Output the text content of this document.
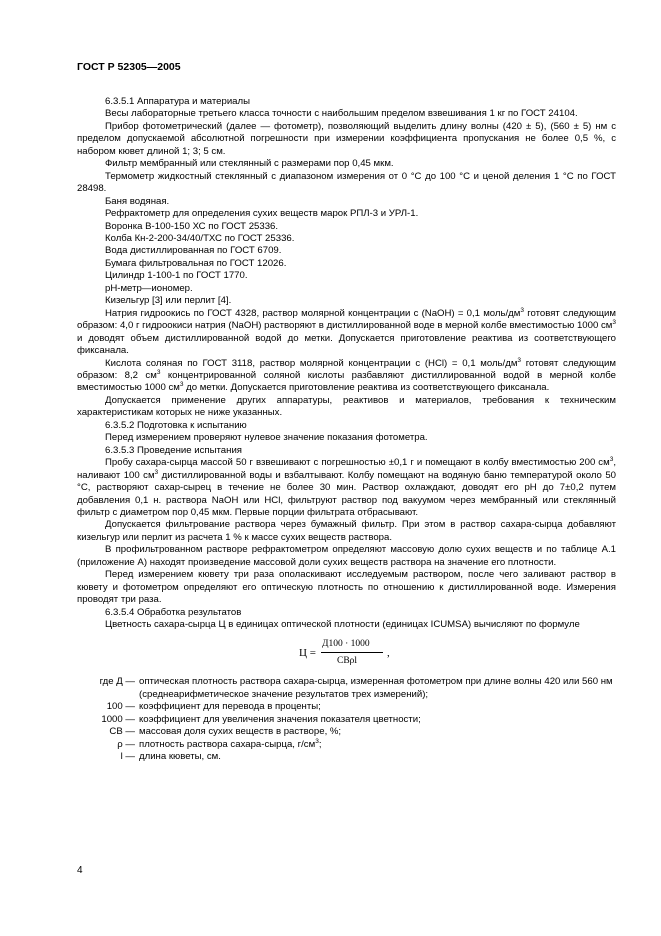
ГОСТ Р 52305—2005

6.3.5.1 Аппаратура и материалы

Весы лабораторные третьего класса точности с наибольшим пределом взвешивания 1 кг по ГОСТ 24104.

Прибор фотометрический (далее — фотометр), позволяющий выделить длину волны (420 ± 5), (560 ± 5) нм с пределом допускаемой абсолютной погрешности при измерении коэффициента пропускания не более 0,5 %, с набором кювет длиной 1; 3; 5 см.

Фильтр мембранный или стеклянный с размерами пор 0,45 мкм.

Термометр жидкостный стеклянный с диапазоном измерения от 0 °С до 100 °С и ценой деления 1 °С по ГОСТ 28498.

Баня водяная.

Рефрактометр для определения сухих веществ марок РПЛ-3 и УРЛ-1.

Воронка В-100-150 ХС по ГОСТ 25336.

Колба Кн-2-200-34/40/ТХС по ГОСТ 25336.

Вода дистиллированная по ГОСТ 6709.

Бумага фильтровальная по ГОСТ 12026.

Цилиндр 1-100-1 по ГОСТ 1770.

рН-метр—иономер.

Кизельгур [3] или перлит [4].

Натрия гидроокись по ГОСТ 4328, раствор молярной концентрации c (NaOH) = 0,1 моль/$дм^3$ готовят следующим образом: 4,0 г гидроокиси натрия (NaOH) растворяют в дистиллированной воде в мерной колбе вместимостью 1000 $см^3$ и доводят объем дистиллированной водой до метки. Допускается приготовление реактива из соответствующего фиксанала.

Кислота соляная по ГОСТ 3118, раствор молярной концентрации c (HCl) = 0,1 моль/$дм^3$ готовят следующим образом: 8,2 $см^3$ концентрированной соляной кислоты разбавляют дистиллированной водой в мерной колбе вместимостью 1000 $см^3$ до метки. Допускается приготовление реактива из соответствующего фиксанала.

Допускается применение других аппаратуры, реактивов и материалов, требования к техническим характеристикам которых не ниже указанных.

6.3.5.2 Подготовка к испытанию

Перед измерением проверяют нулевое значение показания фотометра.

6.3.5.3 Проведение испытания

Пробу сахара-сырца массой 50 г взвешивают с погрешностью ±0,1 г и помещают в колбу вместимостью 200 $см^3$, наливают 100 $см^3$ дистиллированной воды и взбалтывают. Колбу помещают на водяную баню температурой около 50 °С, растворяют сахар-сырец в течение не более 30 мин. Раствор охлаждают, доводят его рН до 7±0,2 путем добавления 0,1 н. раствора NaOH или HCl, фильтруют раствор под вакуумом через мембранный или стеклянный фильтр с диаметром пор 0,45 мкм. Первые порции фильтрата отбрасывают.

Допускается фильтрование раствора через бумажный фильтр. При этом в раствор сахара-сырца добавляют кизельгур или перлит из расчета 1 % к массе сухих веществ раствора.

В профильтрованном растворе рефрактометром определяют массовую долю сухих веществ и по таблице А.1 (приложение А) находят произведение массовой доли сухих веществ раствора на значение его плотности.

Перед измерением кювету три раза ополаскивают исследуемым раствором, после чего заливают раствор в кювету и фотометром определяют его оптическую плотность по отношению к дистиллированной воде. Измерения проводят три раза.

6.3.5.4 Обработка результатов

Цветность сахара-сырца Ц в единицах оптической плотности (единицах ICUMSA) вычисляют по формуле

Ц =
Д100 · 1000
СВρl
,
где Д — оптическая плотность раствора сахара-сырца, измеренная фотометром при длине волны 420 или 560 нм (среднеарифметическое значение результатов трех измерений);
100 — коэффициент для перевода в проценты;
1000 — коэффициент для увеличения значения показателя цветности;
СВ — массовая доля сухих веществ в растворе, %;
ρ — плотность раствора сахара-сырца, $г/см^3$;
l — длина кюветы, см.
4
